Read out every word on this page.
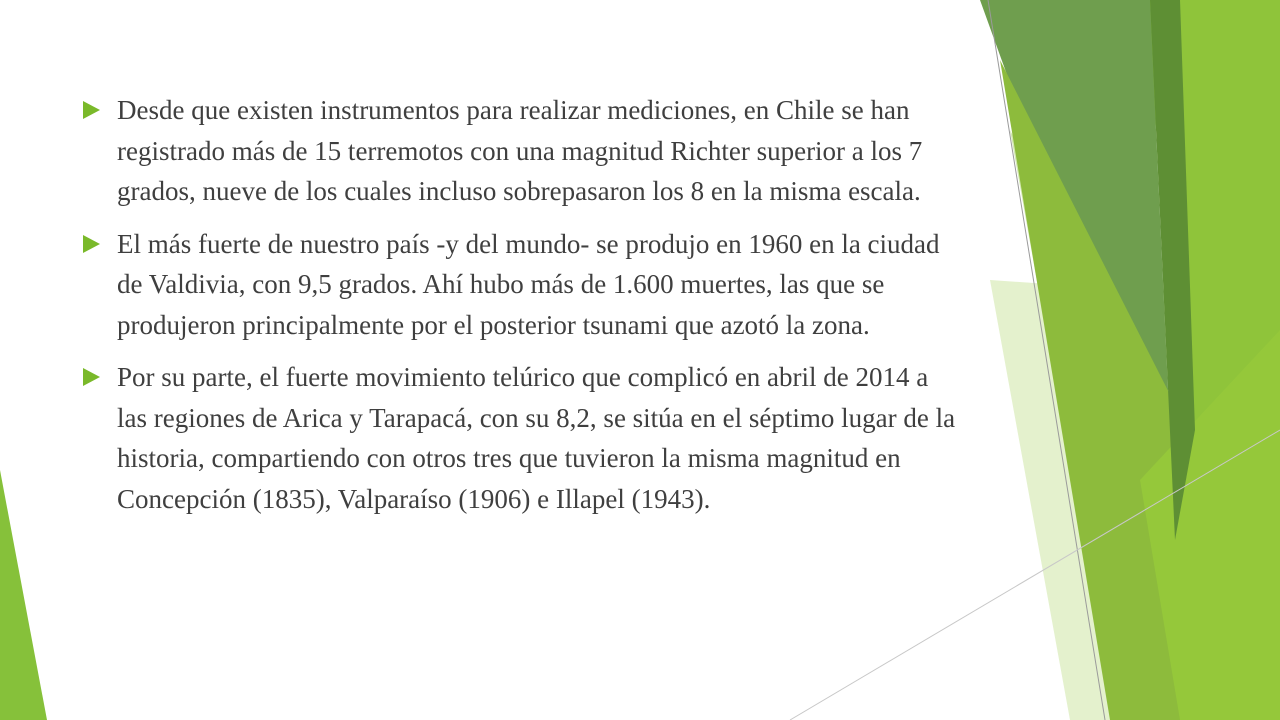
Desde que existen instrumentos para realizar mediciones, en Chile se han registrado más de 15 terremotos con una magnitud Richter superior a los 7 grados, nueve de los cuales incluso sobrepasaron los 8 en la misma escala.
El más fuerte de nuestro país -y del mundo- se produjo en 1960 en la ciudad de Valdivia, con 9,5 grados. Ahí hubo más de 1.600 muertes, las que se produjeron principalmente por el posterior tsunami que azotó la zona.
Por su parte, el fuerte movimiento telúrico que complicó en abril de 2014 a las regiones de Arica y Tarapacá, con su 8,2, se sitúa en el séptimo lugar de la historia, compartiendo con otros tres que tuvieron la misma magnitud en Concepción (1835), Valparaíso (1906) e Illapel (1943).
